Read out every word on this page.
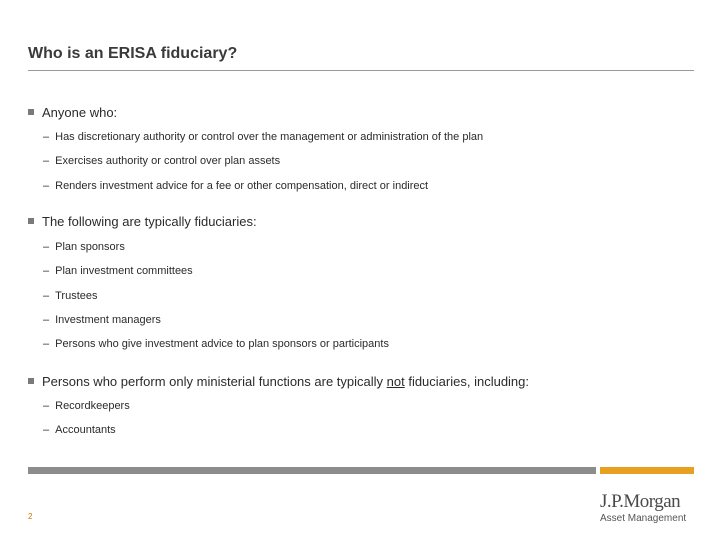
Who is an ERISA fiduciary?
Anyone who:
– Has discretionary authority or control over the management or administration of the plan
– Exercises authority or control over plan assets
– Renders investment advice for a fee or other compensation, direct or indirect
The following are typically fiduciaries:
– Plan sponsors
– Plan investment committees
– Trustees
– Investment managers
– Persons who give investment advice to plan sponsors or participants
Persons who perform only ministerial functions are typically not fiduciaries, including:
– Recordkeepers
– Accountants
2
J.P.Morgan
Asset Management
